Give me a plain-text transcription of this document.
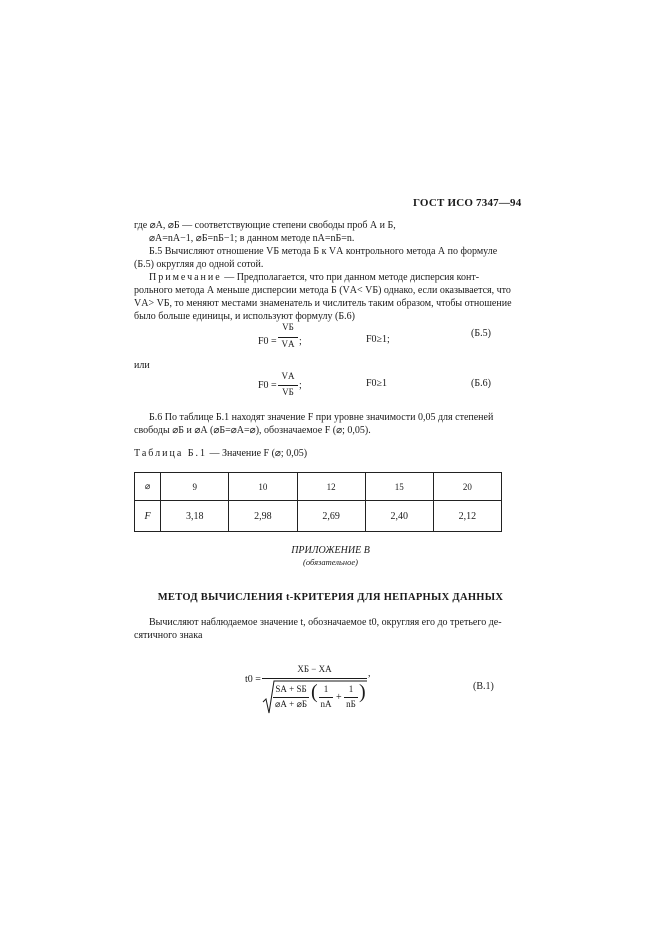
ГОСТ ИСО 7347—94
где ⌀А, ⌀Б — соответствующие степени свободы проб А и Б,
⌀А=nА−1, ⌀Б=nБ−1; в данном методе nА=nБ=n.
Б.5 Вычисляют отношение VБ метода Б к VА контрольного метода А по формуле
(Б.5) округляя до одной сотой.
Примечание — Предполагается, что при данном методе дисперсия конт-
рольного метода А меньше дисперсии метода Б (VА< VБ) однако, если оказывается, что
VА> VБ, то меняют местами знаменатель и числитель таким образом, чтобы отношение
было больше единицы, и используют формулу (Б.6)
F0 =
VБ
VА ;	F0≥1;
(Б.5)
или
F0 =
VА
VБ
;	F0≥1	(Б.6)
Б.6 По таблице Б.1 находят значение F при уровне значимости 0,05 для степеней
свободы ⌀Б и ⌀А (⌀Б=⌀А=⌀), обозначаемое F (⌀; 0,05).
Таблица Б.1 — Значение F (⌀; 0,05)
⌀	9	10	12	15	20
F	3,18	2,98	2,69	2,40	2,12
ПРИЛОЖЕНИЕ В
(обязательное)
МЕТОД ВЫЧИСЛЕНИЯ t-КРИТЕРИЯ ДЛЯ НЕПАРНЫХ ДАННЫХ
Вычисляют наблюдаемое значение t, обозначаемое t0, округляя его до третьего де-
сятичного знака
t0 =
XБ − XА	,
SА + SБ
⌀А + ⌀Б
( 1
nА
+
1
nБ
)	(В.1)
